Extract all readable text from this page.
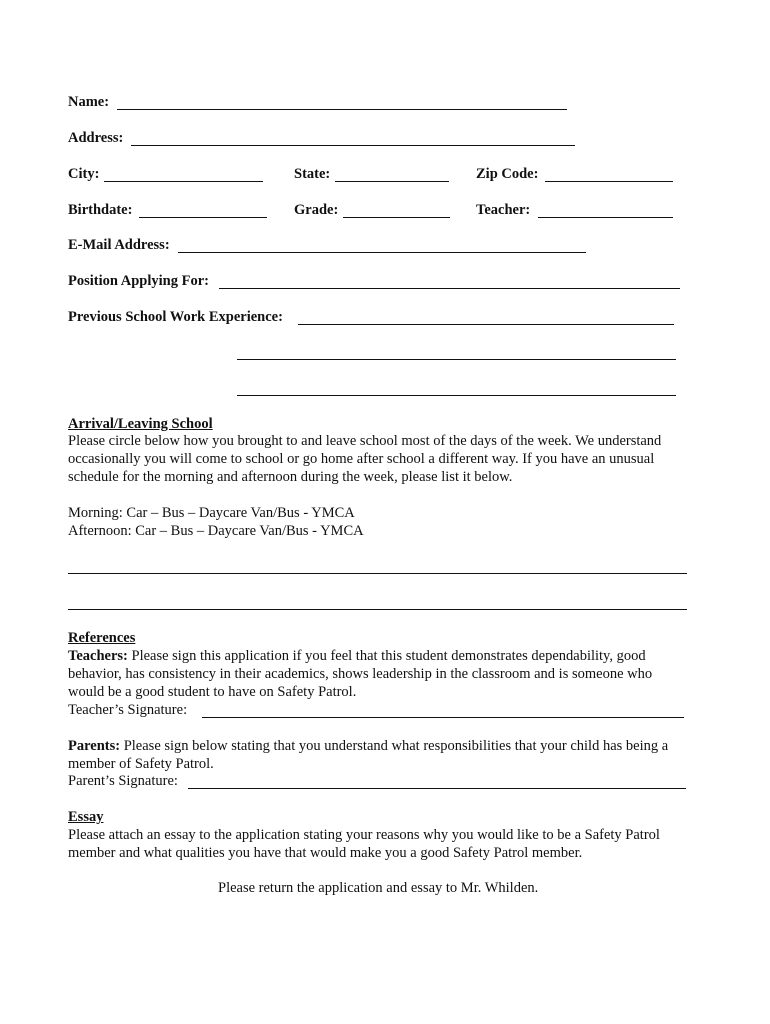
Name:
Address:
City:	State:	Zip Code:
Birthdate:	Grade:	Teacher:
E-Mail Address:
Position Applying For:
Previous School Work Experience:
Arrival/Leaving School
Please circle below how you brought to and leave school most of the days of the week. We understand
occasionally you will come to school or go home after school a different way. If you have an unusual
schedule for the morning and afternoon during the week, please list it below.
Morning: Car – Bus – Daycare Van/Bus - YMCA
Afternoon: Car – Bus – Daycare Van/Bus - YMCA
References
Teachers: Please sign this application if you feel that this student demonstrates dependability, good
behavior, has consistency in their academics, shows leadership in the classroom and is someone who
would be a good student to have on Safety Patrol.
Teacher’s Signature:
Parents: Please sign below stating that you understand what responsibilities that your child has being a
member of Safety Patrol.
Parent’s Signature:
Essay
Please attach an essay to the application stating your reasons why you would like to be a Safety Patrol
member and what qualities you have that would make you a good Safety Patrol member.
Please return the application and essay to Mr. Whilden.
